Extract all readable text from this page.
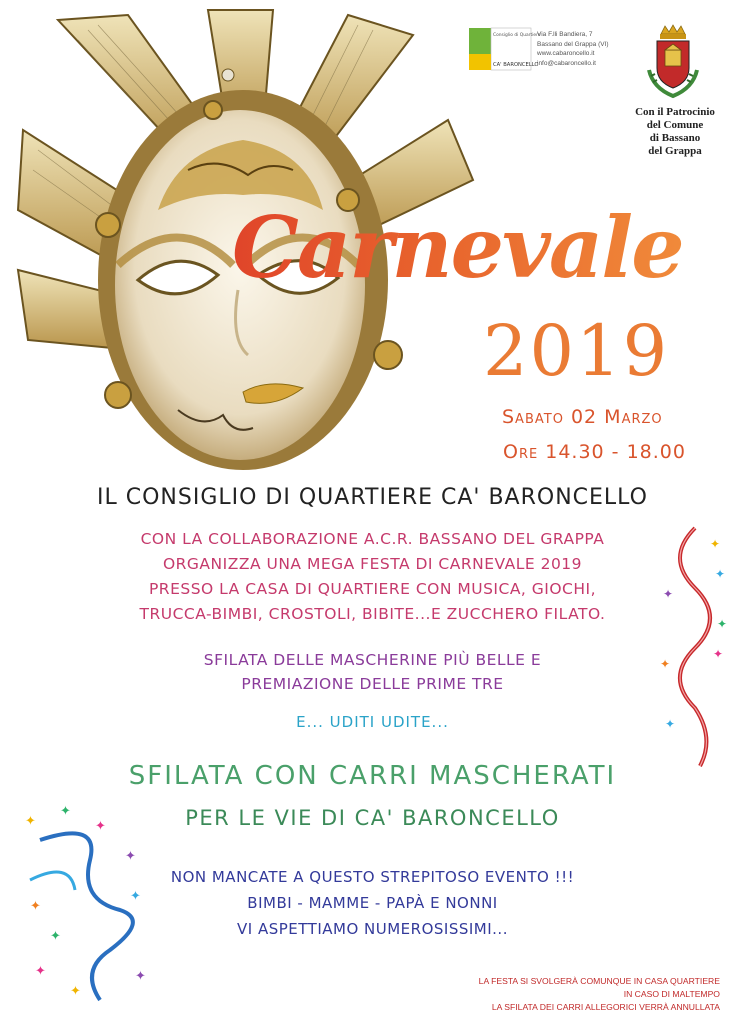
Consiglio di Quartiere
CA' BARONCELLO
Via F.lli Bandiera, 7
Bassano del Grappa (VI)
www.cabaroncello.it
info@cabaroncello.it
Con il Patrocinio
del Comune
di Bassano
del Grappa
Carnevale
2019
Sabato 02 Marzo
Ore 14.30 - 18.00
IL CONSIGLIO DI QUARTIERE CA' BARONCELLO
CON LA COLLABORAZIONE A.C.R. BASSANO DEL GRAPPA
ORGANIZZA UNA MEGA FESTA DI CARNEVALE 2019
PRESSO LA CASA DI QUARTIERE CON MUSICA, GIOCHI,
TRUCCA-BIMBI, CROSTOLI, BIBITE...E ZUCCHERO FILATO.
SFILATA DELLE MASCHERINE PIÙ BELLE E
PREMIAZIONE DELLE PRIME TRE
E... UDITI UDITE...
SFILATA CON CARRI MASCHERATI
PER LE VIE DI CA' BARONCELLO
NON MANCATE A QUESTO STREPITOSO EVENTO !!!
BIMBI - MAMME - PAPÀ E NONNI
VI ASPETTIAMO NUMEROSISSIMI...
LA FESTA SI SVOLGERÀ COMUNQUE IN CASA QUARTIERE
IN CASO DI MALTEMPO
LA SFILATA DEI CARRI ALLEGORICI VERRÀ ANNULLATA
✦
✦
✦
✦
✦
✦
✦
✦
✦
✦
✦
✦
✦
✦
✦
✦
✦
